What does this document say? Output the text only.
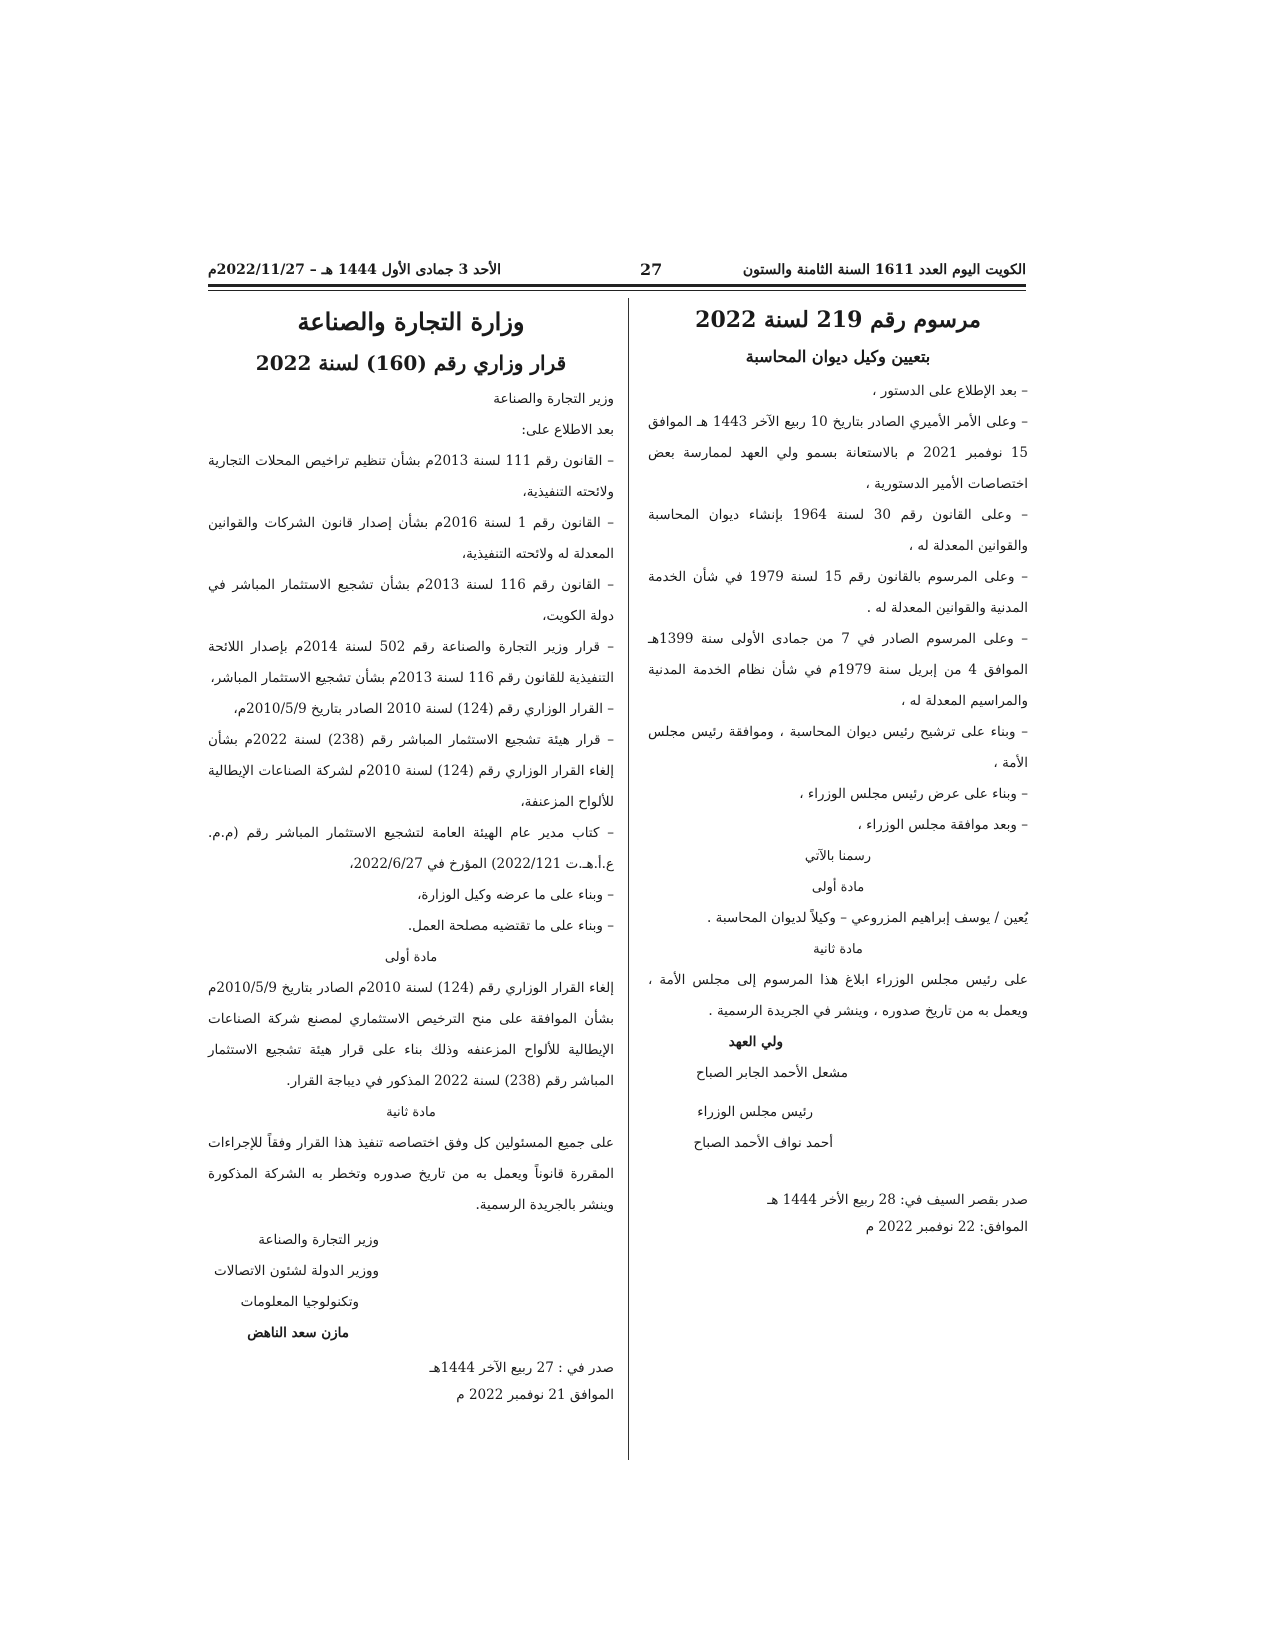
الكويت اليوم العدد 1611 السنة الثامنة والستون
27
الأحد 3 جمادى الأول 1444 هـ – 2022/11/27م
مرسوم رقم 219 لسنة 2022
بتعيين وكيل ديوان المحاسبة

– بعد الإطلاع على الدستور ،

– وعلى الأمر الأميري الصادر بتاريخ 10 ربيع الآخر 1443 هـ الموافق 15 نوفمبر 2021 م بالاستعانة بسمو ولي العهد لممارسة بعض اختصاصات الأمير الدستورية ،

– وعلى القانون رقم 30 لسنة 1964 بإنشاء ديوان المحاسبة والقوانين المعدلة له ،

– وعلى المرسوم بالقانون رقم 15 لسنة 1979 في شأن الخدمة المدنية والقوانين المعدلة له .

– وعلى المرسوم الصادر في 7 من جمادى الأولى سنة 1399هـ الموافق 4 من إبريل سنة 1979م في شأن نظام الخدمة المدنية والمراسيم المعدلة له ،

– وبناء على ترشيح رئيس ديوان المحاسبة ، وموافقة رئيس مجلس الأمة ،

– وبناء على عرض رئيس مجلس الوزراء ،

– وبعد موافقة مجلس الوزراء ،

رسمنا بالآتي

مادة أولى

يُعين / يوسف إبراهيم المزروعي – وكيلاً لديوان المحاسبة .

مادة ثانية

على رئيس مجلس الوزراء ابلاغ هذا المرسوم إلى مجلس الأمة ، ويعمل به من تاريخ صدوره ، وينشر في الجريدة الرسمية .

ولي العهد

مشعل الأحمد الجابر الصباح

رئيس مجلس الوزراء

أحمد نواف الأحمد الصباح

صدر بقصر السيف في: 28 ربيع الأخر 1444 هـ

الموافق: 22 نوفمبر 2022 م

وزارة التجارة والصناعة
قرار وزاري رقم (160) لسنة 2022

وزير التجارة والصناعة

بعد الاطلاع على:

– القانون رقم 111 لسنة 2013م بشأن تنظيم تراخيص المحلات التجارية ولائحته التنفيذية،

– القانون رقم 1 لسنة 2016م بشأن إصدار قانون الشركات والقوانين المعدلة له ولائحته التنفيذية،

– القانون رقم 116 لسنة 2013م بشأن تشجيع الاستثمار المباشر في دولة الكويت،

– قرار وزير التجارة والصناعة رقم 502 لسنة 2014م بإصدار اللائحة التنفيذية للقانون رقم 116 لسنة 2013م بشأن تشجيع الاستثمار المباشر،

– القرار الوزاري رقم (124) لسنة 2010 الصادر بتاريخ 2010/5/9م،

– قرار هيئة تشجيع الاستثمار المباشر رقم (238) لسنة 2022م بشأن إلغاء القرار الوزاري رقم (124) لسنة 2010م لشركة الصناعات الإيطالية للألواح المزعنفة،

– كتاب مدير عام الهيئة العامة لتشجيع الاستثمار المباشر رقم (م.م. ع.أ.هـ.ت 2022/121) المؤرخ في 2022/6/27،

– وبناء على ما عرضه وكيل الوزارة،

– وبناء على ما تقتضيه مصلحة العمل.

مادة أولى

إلغاء القرار الوزاري رقم (124) لسنة 2010م الصادر بتاريخ 2010/5/9م بشأن الموافقة على منح الترخيص الاستثماري لمصنع شركة الصناعات الإيطالية للألواح المزعنفه وذلك بناء على قرار هيئة تشجيع الاستثمار المباشر رقم (238) لسنة 2022 المذكور في ديباجة القرار.

مادة ثانية

على جميع المسئولين كل وفق اختصاصه تنفيذ هذا القرار وفقاً للإجراءات المقررة قانوناً ويعمل به من تاريخ صدوره وتخطر به الشركة المذكورة وينشر بالجريدة الرسمية.

وزير التجارة والصناعة

ووزير الدولة لشئون الاتصالات

وتكنولوجيا المعلومات

مازن سعد الناهض

صدر في : 27 ربيع الآخر 1444هـ

الموافق 21 نوفمبر 2022 م
